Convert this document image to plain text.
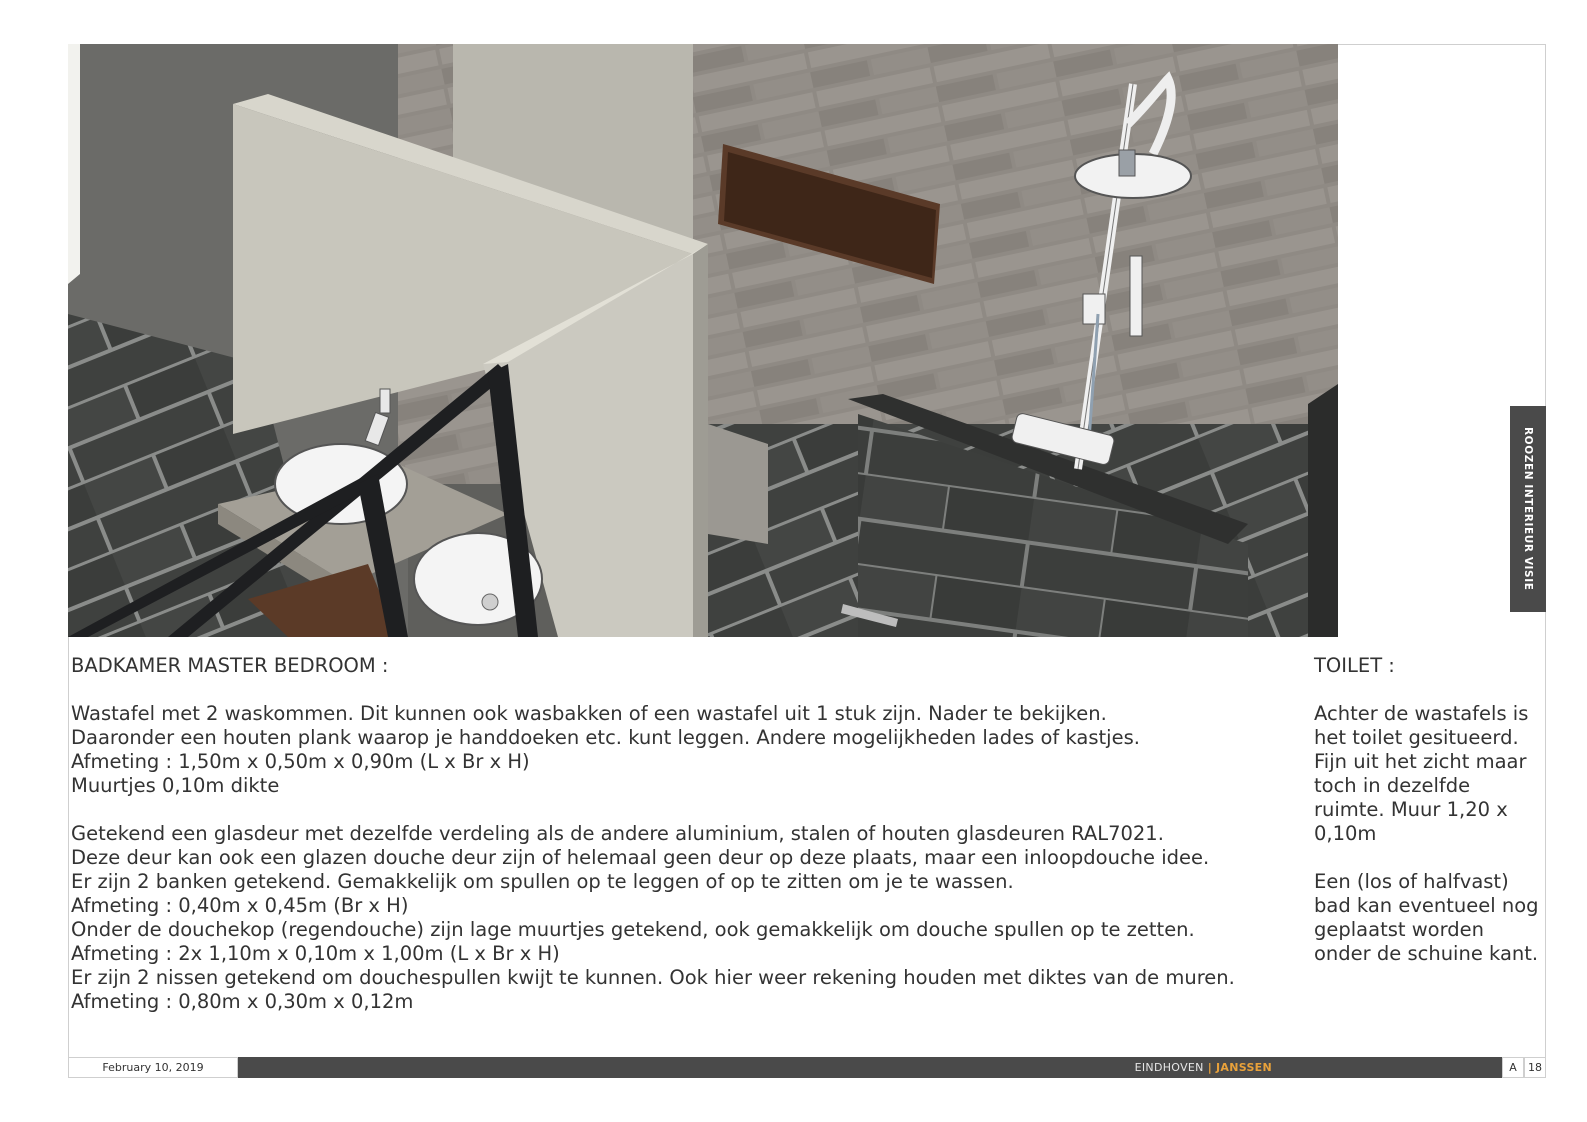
ROOZEN INTERIEUR VISIE

BADKAMER MASTER BEDROOM :

Wastafel met 2 waskommen. Dit kunnen ook wasbakken of een wastafel uit 1 stuk zijn. Nader te bekijken.

Daaronder een houten plank waarop je handdoeken etc. kunt leggen. Andere mogelijkheden lades of kastjes.

Afmeting : 1,50m x 0,50m x 0,90m (L x Br x H)

Muurtjes 0,10m dikte

Getekend een glasdeur met dezelfde verdeling als de andere aluminium, stalen of houten glasdeuren RAL7021.

Deze deur kan ook een glazen douche deur zijn of helemaal geen deur op deze plaats, maar een inloopdouche idee.

Er zijn 2 banken getekend. Gemakkelijk om spullen op te leggen of op te zitten om je te wassen.

Afmeting : 0,40m x 0,45m (Br x H)

Onder de douchekop (regendouche) zijn lage muurtjes getekend, ook gemakkelijk om douche spullen op te zetten.

Afmeting : 2x 1,10m x 0,10m x 1,00m (L x Br x H)

Er zijn 2 nissen getekend om douchespullen kwijt te kunnen. Ook hier weer rekening houden met diktes van de muren.

Afmeting : 0,80m x 0,30m x 0,12m

TOILET :

Achter de wastafels is het toilet gesitueerd. Fijn uit het zicht maar toch in dezelfde ruimte. Muur 1,20 x 0,10m

Een (los of halfvast) bad kan eventueel nog geplaatst worden onder de schuine kant.

February 10, 2019	EINDHOVEN | JANSSEN	A	18
